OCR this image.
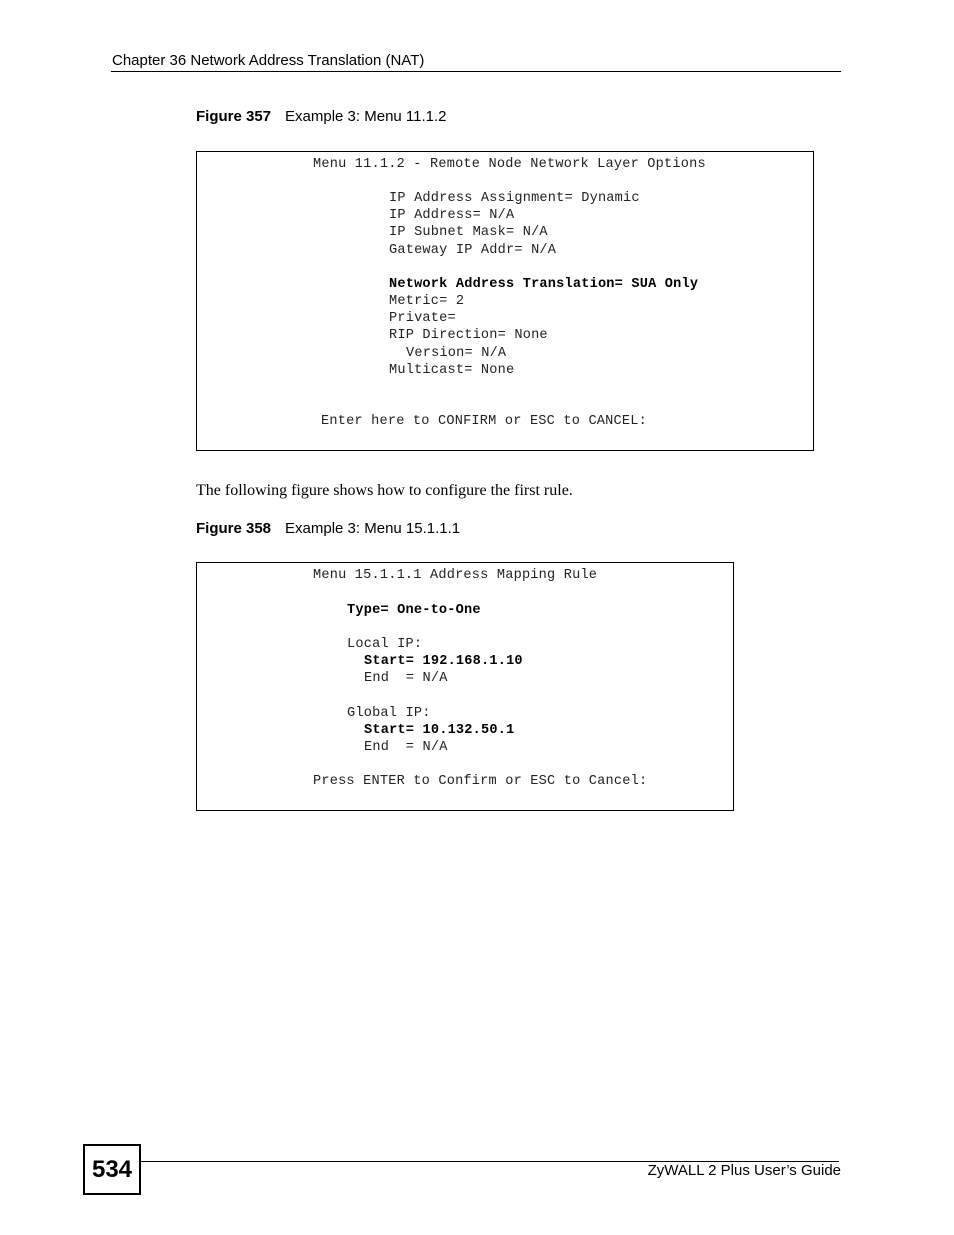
Chapter 36 Network Address Translation (NAT)
Figure 357 Example 3: Menu 11.1.2
Menu 11.1.2 - Remote Node Network Layer Options
IP Address Assignment= Dynamic
IP Address= N/A
IP Subnet Mask= N/A
Gateway IP Addr= N/A
Network Address Translation= SUA Only
Metric= 2
Private=
RIP Direction= None
Version= N/A
Multicast= None
Enter here to CONFIRM or ESC to CANCEL:
The following figure shows how to configure the first rule.
Figure 358 Example 3: Menu 15.1.1.1
Menu 15.1.1.1 Address Mapping Rule
Type= One-to-One
Local IP:
Start= 192.168.1.10
End  = N/A
Global IP:
Start= 10.132.50.1
End  = N/A
Press ENTER to Confirm or ESC to Cancel:
534	ZyWALL 2 Plus User’s Guide
